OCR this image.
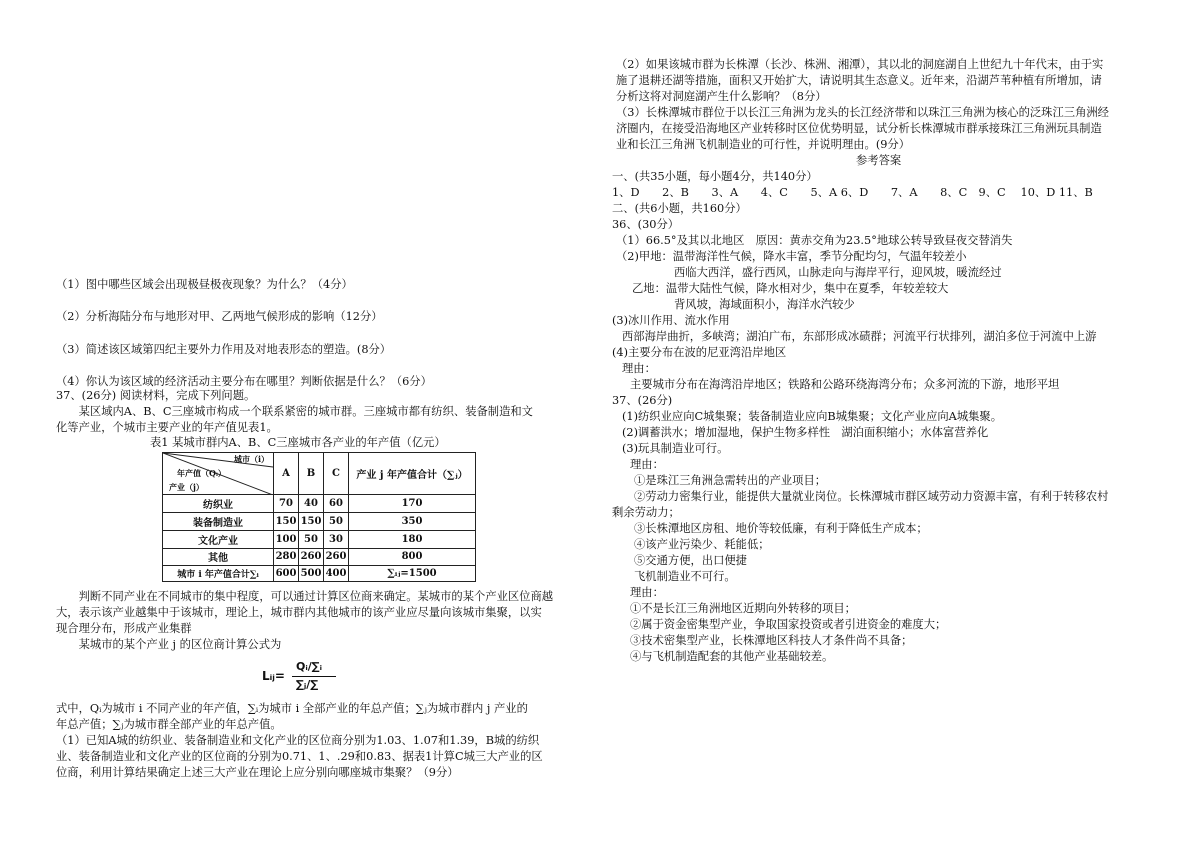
（1）图中哪些区域会出现极昼极夜现象？为什么？（4分）
（2）分析海陆分布与地形对甲、乙两地气候形成的影响（12分）
（3）简述该区域第四纪主要外力作用及对地表形态的塑造。(8分）
（4）你认为该区域的经济活动主要分布在哪里？判断依据是什么？（6分）
37、(26分) 阅读材料，完成下列问题。
　　某区域内A、B、C三座城市构成一个联系紧密的城市群。三座城市都有纺织、装备制造和文
化等产业，个城市主要产业的年产值见表1。
表1 某城市群内A、B、C三座城市各产业的年产值（亿元）
城市（i）
年产值（Qᵢ）
产业（j）	A	B	C	产业 j 年产值合计（∑ⱼ）
纺织业	70	40	60	170
装备制造业	150	150	50	350
文化产业	100	50	30	180
其他	280	260	260	800
城市 i 年产值合计∑ᵢ	600	500	400	∑ᵢⱼ=1500
　　判断不同产业在不同城市的集中程度，可以通过计算区位商来确定。某城市的某个产业区位商越
大，表示该产业越集中于该城市，理论上，城市群内其他城市的该产业应尽量向该城市集聚，以实
现合理分布，形成产业集群
　　某城市的某个产业 j 的区位商计算公式为
Lᵢⱼ=
Qᵢ/∑ᵢ
∑ⱼ/∑
式中，Qᵢ为城市 i 不同产业的年产值，∑ᵢ为城市 i 全部产业的年总产值；∑ⱼ为城市群内 j 产业的
年总产值；∑ⱼ为城市群全部产业的年总产值。
（1）已知A城的纺织业、装备制造业和文化产业的区位商分别为1.03、1.07和1.39，B城的纺织
业、装备制造业和文化产业的区位商的分别为0.71、1、.29和0.83、据表1计算C城三大产业的区
位商，利用计算结果确定上述三大产业在理论上应分别向哪座城市集聚？（9分）
（2）如果该城市群为长株潭（长沙、株洲、湘潭），其以北的洞庭湖自上世纪九十年代末，由于实
施了退耕还湖等措施，面积又开始扩大，请说明其生态意义。近年来，沿湖芦苇种植有所增加，请
分析这将对洞庭湖产生什么影响？（8分）
（3）长株潭城市群位于以长江三角洲为龙头的长江经济带和以珠江三角洲为核心的泛珠江三角洲经
济圈内，在接受沿海地区产业转移时区位优势明显，试分析长株潭城市群承接珠江三角洲玩具制造
业和长江三角洲飞机制造业的可行性，并说明理由。(9分）
参考答案
一、(共35小题，每小题4分，共140分）
1、D　　2、B　　3、A　　4、C　　5、A 6、D　　7、A　　8、C　9、C　 10、D 11、B
二、(共6小题，共160分）
36、(30分）
（1）66.5°及其以北地区　原因：黄赤交角为23.5°地球公转导致昼夜交替消失
（2)甲地：温带海洋性气候，降水丰富，季节分配均匀，气温年较差小
西临大西洋，盛行西风，山脉走向与海岸平行，迎风坡，暖流经过
乙地：温带大陆性气候，降水相对少，集中在夏季，年较差较大
背风坡，海域面积小，海洋水汽较少
(3)冰川作用、流水作用
西部海岸曲折，多峡湾；湖泊广布，东部形成冰碛群；河流平行状排列，湖泊多位于河流中上游
(4)主要分布在波的尼亚湾沿岸地区
理由：
主要城市分布在海湾沿岸地区；铁路和公路环绕海湾分布；众多河流的下游，地形平坦
37、(26分)
(1)纺织业应向C城集聚；装备制造业应向B城集聚；文化产业应向A城集聚。
(2)调蓄洪水；增加湿地，保护生物多样性　湖泊面积缩小；水体富营养化
(3)玩具制造业可行。
理由：
①是珠江三角洲急需转出的产业项目；
②劳动力密集行业，能提供大量就业岗位。长株潭城市群区域劳动力资源丰富，有利于转移农村
剩余劳动力；
③长株潭地区房租、地价等较低廉，有利于降低生产成本；
④该产业污染少、耗能低；
⑤交通方便，出口便捷
飞机制造业不可行。
理由：
①不是长江三角洲地区近期向外转移的项目；
②属于资金密集型产业，争取国家投资或者引进资金的难度大；
③技术密集型产业，长株潭地区科技人才条件尚不具备；
④与飞机制造配套的其他产业基础较差。
